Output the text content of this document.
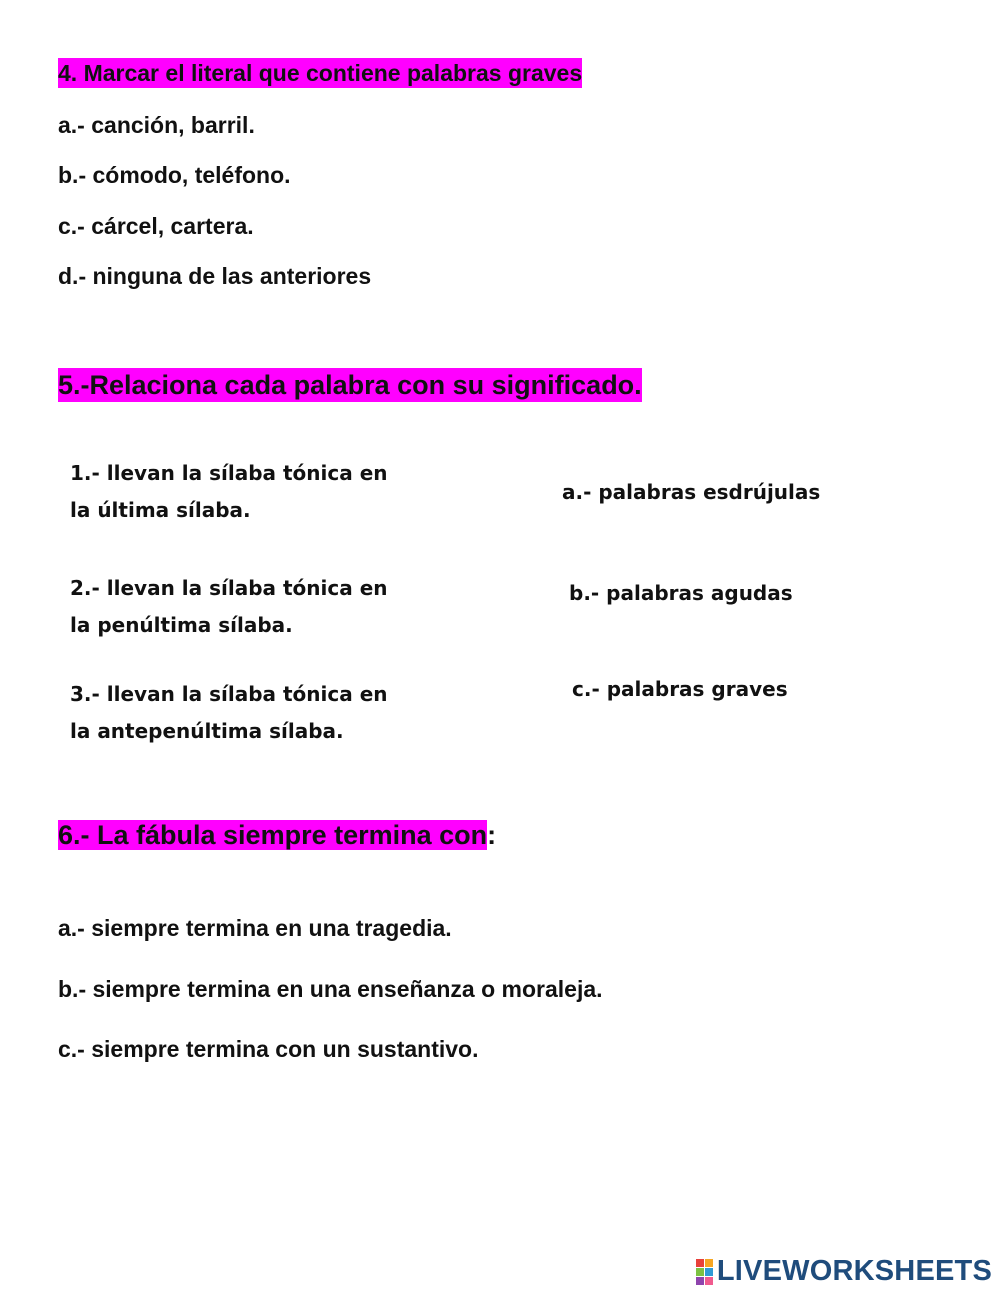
4. Marcar el literal que contiene palabras graves
a.- canción, barril.
b.- cómodo, teléfono.
c.- cárcel, cartera.
d.- ninguna de las anteriores
5.-Relaciona cada palabra con su significado.
1.- llevan la sílaba tónica en la última sílaba.
2.- llevan la sílaba tónica en la penúltima sílaba.
3.- llevan la sílaba tónica en la antepenúltima sílaba.
a.- palabras esdrújulas
b.- palabras agudas
c.- palabras graves
6.- La fábula siempre termina con:
a.- siempre termina en una tragedia.
b.- siempre termina en una enseñanza o moraleja.
c.- siempre termina con un sustantivo.
LIVEWORKSHEETS
